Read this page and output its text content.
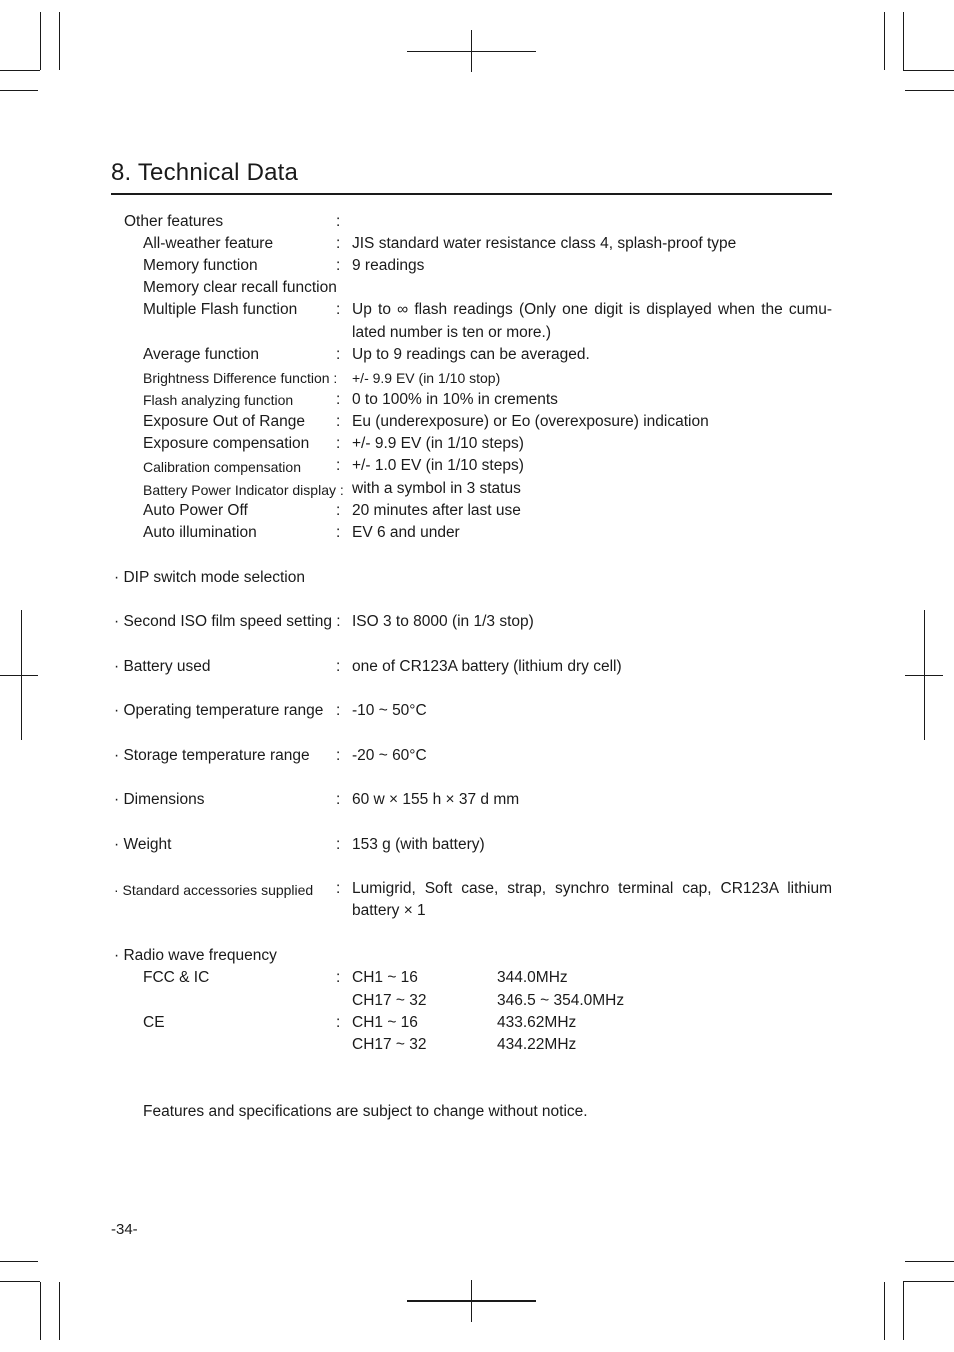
8. Technical Data
Other features	:
All-weather feature	: JIS standard water resistance class 4, splash-proof type
Memory function	: 9 readings
Memory clear recall function
Multiple Flash function	: Up to ∞ flash readings (Only one digit is displayed when the cumu-
lated number is ten or more.)
Average function	: Up to 9 readings can be averaged.
Brightness Difference function : +/- 9.9 EV (in 1/10 stop)
Flash analyzing function	: 0 to 100% in 10% in crements
Exposure Out of Range : Eu (underexposure) or Eo (overexposure) indication
Exposure compensation : +/- 9.9 EV (in 1/10 steps)
Calibration compensation : +/- 1.0 EV (in 1/10 steps)
Battery Power Indicator display : with a symbol in 3 status
Auto Power Off	: 20 minutes after last use
Auto illumination	: EV 6 and under
· DIP switch mode selection
· Second ISO film speed setting : ISO 3 to 8000 (in 1/3 stop)
· Battery used	: one of CR123A battery (lithium dry cell)
· Operating temperature range : -10 ~ 50°C
· Storage temperature range : -20 ~ 60°C
· Dimensions	: 60 w × 155 h × 37 d mm
· Weight	: 153 g (with battery)
· Standard accessories supplied : Lumigrid, Soft case, strap, synchro terminal cap, CR123A lithium
battery × 1
· Radio wave frequency
FCC & IC	: CH1 ~ 16	344.0MHz
CH17 ~ 32	346.5 ~ 354.0MHz
CE	: CH1 ~ 16	433.62MHz
CH17 ~ 32	434.22MHz
Features and specifications are subject to change without notice.
-34-
